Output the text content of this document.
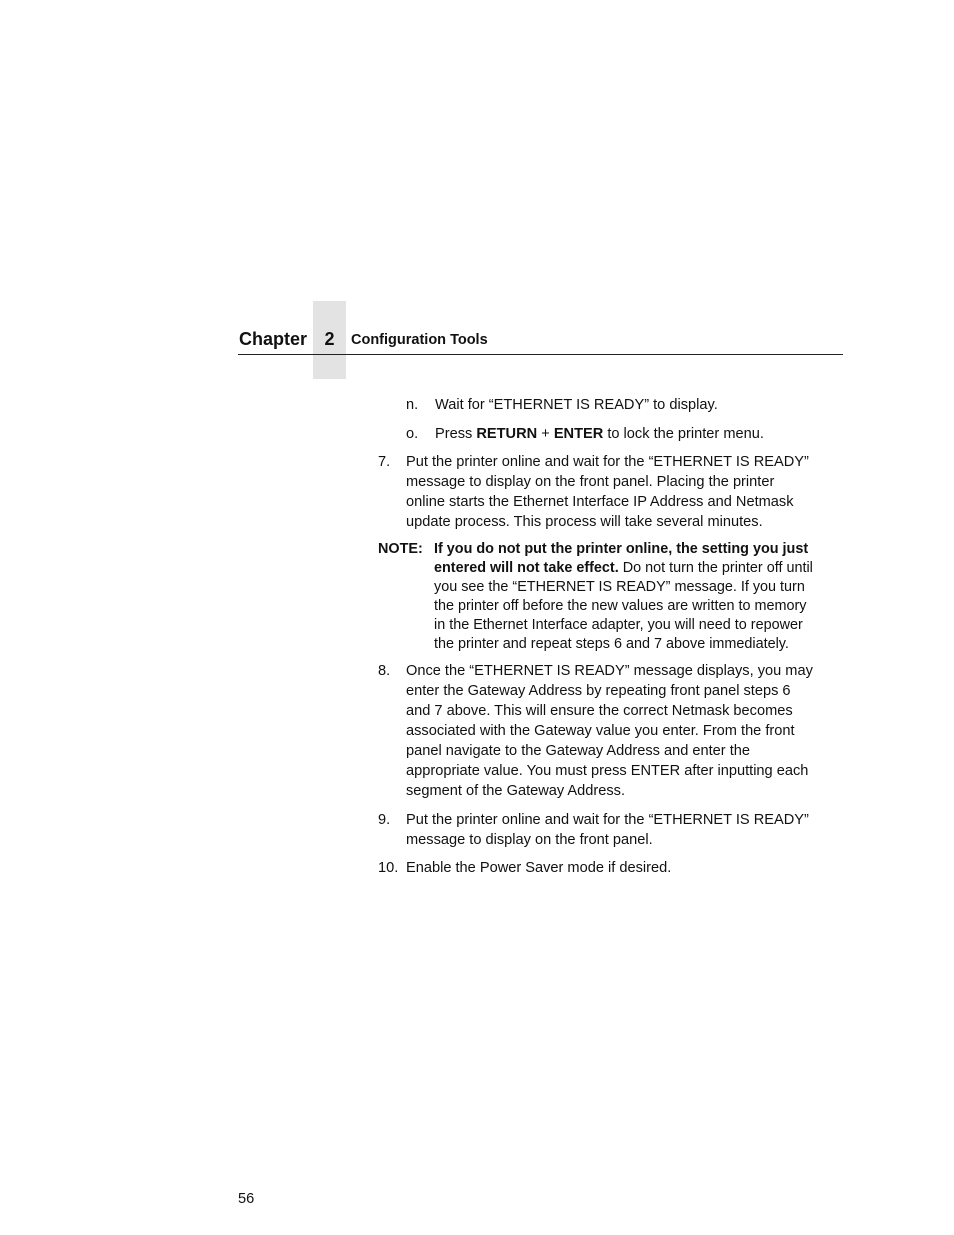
Chapter 2	Configuration Tools
n. Wait for “ETHERNET IS READY” to display.
o. Press RETURN + ENTER to lock the printer menu.
7. Put the printer online and wait for the “ETHERNET IS READY”
message to display on the front panel. Placing the printer
online starts the Ethernet Interface IP Address and Netmask
update process. This process will take several minutes.
NOTE: If you do not put the printer online, the setting you just
entered will not take effect. Do not turn the printer off until
you see the “ETHERNET IS READY” message. If you turn
the printer off before the new values are written to memory
in the Ethernet Interface adapter, you will need to repower
the printer and repeat steps 6 and 7 above immediately.
8. Once the “ETHERNET IS READY” message displays, you may
enter the Gateway Address by repeating front panel steps 6
and 7 above. This will ensure the correct Netmask becomes
associated with the Gateway value you enter. From the front
panel navigate to the Gateway Address and enter the
appropriate value. You must press ENTER after inputting each
segment of the Gateway Address.
9. Put the printer online and wait for the “ETHERNET IS READY”
message to display on the front panel.
10. Enable the Power Saver mode if desired.
56
